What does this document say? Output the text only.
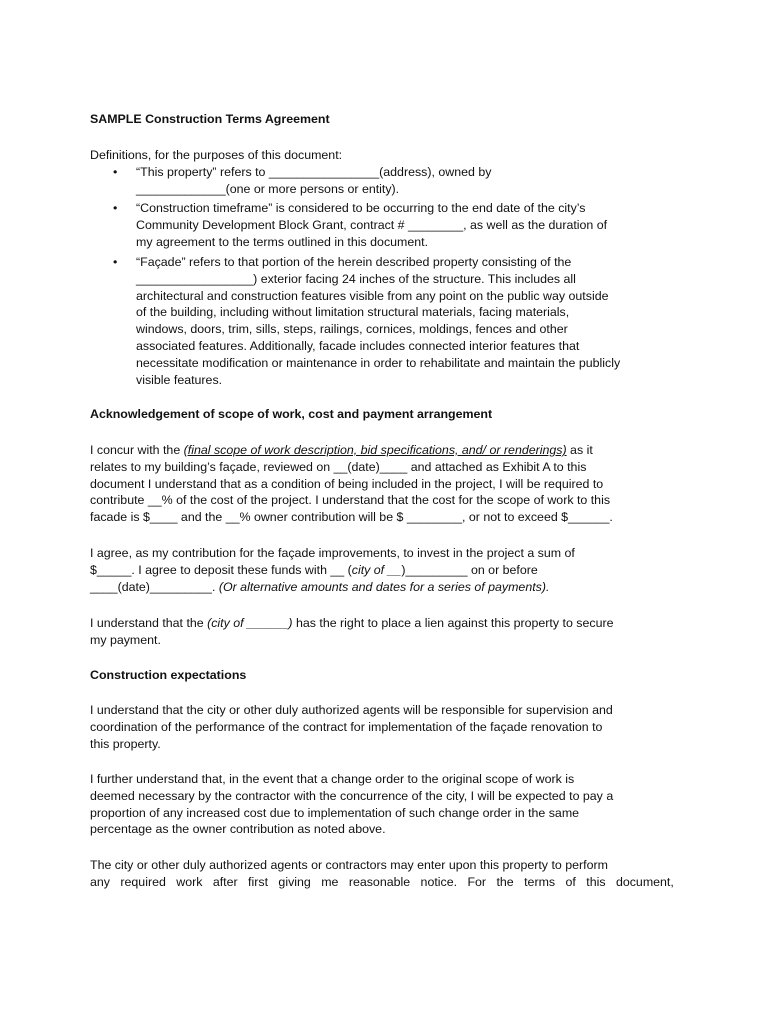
SAMPLE Construction Terms Agreement
Definitions, for the purposes of this document:
• “This property” refers to ________________(address), owned by
_____________(one or more persons or entity).
• “Construction timeframe” is considered to be occurring to the end date of the city’s
Community Development Block Grant, contract # ________, as well as the duration of
my agreement to the terms outlined in this document.
• “Façade” refers to that portion of the herein described property consisting of the
_________________) exterior facing 24 inches of the structure. This includes all
architectural and construction features visible from any point on the public way outside
of the building, including without limitation structural materials, facing materials,
windows, doors, trim, sills, steps, railings, cornices, moldings, fences and other
associated features. Additionally, facade includes connected interior features that
necessitate modification or maintenance in order to rehabilitate and maintain the publicly
visible features.
Acknowledgement of scope of work, cost and payment arrangement
I concur with the (final scope of work description, bid specifications, and/ or renderings) as it
relates to my building’s façade, reviewed on __(date)____ and attached as Exhibit A to this
document I understand that as a condition of being included in the project, I will be required to
contribute __% of the cost of the project. I understand that the cost for the scope of work to this
facade is $____ and the __% owner contribution will be $ ________, or not to exceed $______.
I agree, as my contribution for the façade improvements, to invest in the project a sum of
$_____. I agree to deposit these funds with __ (city of __)_________ on or before
____(date)_________. (Or alternative amounts and dates for a series of payments).
I understand that the (city of ______) has the right to place a lien against this property to secure
my payment.
Construction expectations
I understand that the city or other duly authorized agents will be responsible for supervision and
coordination of the performance of the contract for implementation of the façade renovation to
this property.
I further understand that, in the event that a change order to the original scope of work is
deemed necessary by the contractor with the concurrence of the city, I will be expected to pay a
proportion of any increased cost due to implementation of such change order in the same
percentage as the owner contribution as noted above.
The city or other duly authorized agents or contractors may enter upon this property to perform
any required work after first giving me reasonable notice. For the terms of this document,
